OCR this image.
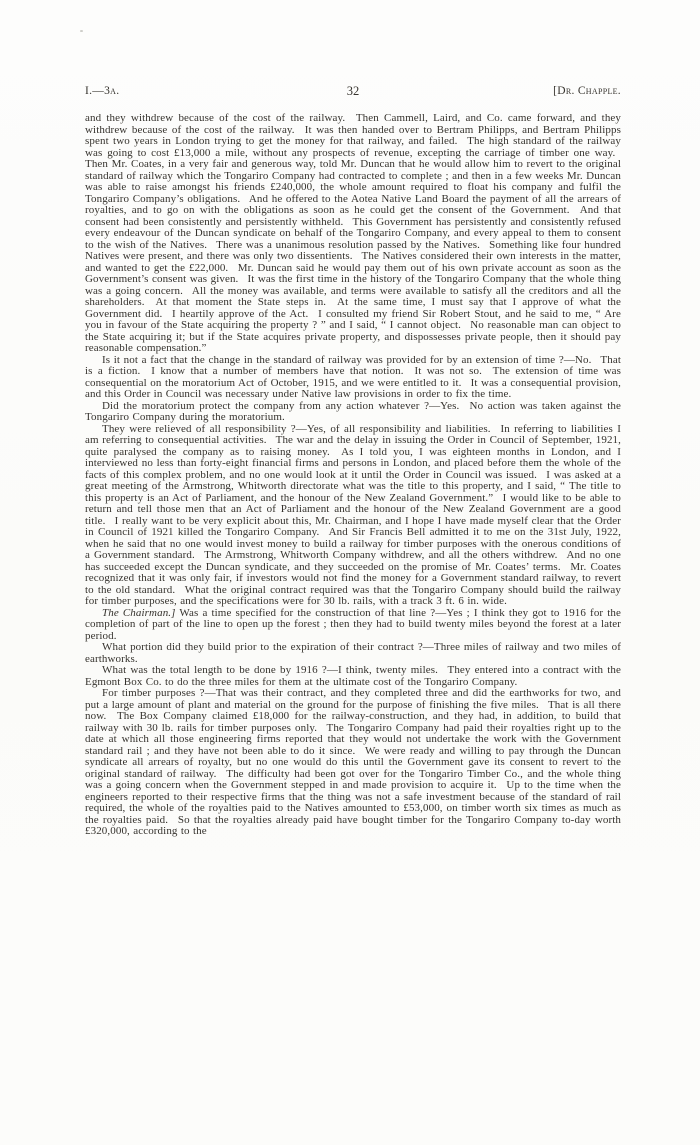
I.—3a.	32	[Dr. Chapple.

and they withdrew because of the cost of the railway.  Then Cammell, Laird, and Co. came forward, and they withdrew because of the cost of the railway.  It was then handed over to Bertram Philipps, and Bertram Philipps spent two years in London trying to get the money for that railway, and failed.  The high standard of the railway was going to cost £13,000 a mile, without any prospects of revenue, excepting the carriage of timber one way.  Then Mr. Coates, in a very fair and generous way, told Mr. Duncan that he would allow him to revert to the original standard of railway which the Tongariro Company had contracted to complete ; and then in a few weeks Mr. Duncan was able to raise amongst his friends £240,000, the whole amount required to float his company and fulfil the Tongariro Company’s obligations.  And he offered to the Aotea Native Land Board the payment of all the arrears of royalties, and to go on with the obligations as soon as he could get the consent of the Government.  And that consent had been consistently and persistently withheld.  This Government has persistently and consistently refused every endeavour of the Duncan syndicate on behalf of the Tongariro Company, and every appeal to them to consent to the wish of the Natives.  There was a unanimous resolution passed by the Natives.  Something like four hundred Natives were present, and there was only two dissentients.  The Natives considered their own interests in the matter, and wanted to get the £22,000.  Mr. Duncan said he would pay them out of his own private account as soon as the Government’s consent was given.  It was the first time in the history of the Tongariro Company that the whole thing was a going concern.  All the money was available, and terms were available to satisfy all the creditors and all the shareholders.  At that moment the State steps in.  At the same time, I must say that I approve of what the Government did.  I heartily approve of the Act.  I consulted my friend Sir Robert Stout, and he said to me, “ Are you in favour of the State acquiring the property ? ” and I said, “ I cannot object.  No reasonable man can object to the State acquiring it; but if the State acquires private property, and dispossesses private people, then it should pay reasonable compensation.”

Is it not a fact that the change in the standard of railway was provided for by an extension of time ?—No.  That is a fiction.  I know that a number of members have that notion.  It was not so.  The extension of time was consequential on the moratorium Act of October, 1915, and we were entitled to it.  It was a consequential provision, and this Order in Council was necessary under Native law provisions in order to fix the time.

Did the moratorium protect the company from any action whatever ?—Yes.  No action was taken against the Tongariro Company during the moratorium.

They were relieved of all responsibility ?—Yes, of all responsibility and liabilities.  In referring to liabilities I am referring to consequential activities.  The war and the delay in issuing the Order in Council of September, 1921, quite paralysed the company as to raising money.  As I told you, I was eighteen months in London, and I interviewed no less than forty-eight financial firms and persons in London, and placed before them the whole of the facts of this complex problem, and no one would look at it until the Order in Council was issued.  I was asked at a great meeting of the Armstrong, Whitworth directorate what was the title to this property, and I said, “ The title to this property is an Act of Parliament, and the honour of the New Zealand Government.”  I would like to be able to return and tell those men that an Act of Parliament and the honour of the New Zealand Government are a good title.  I really want to be very explicit about this, Mr. Chairman, and I hope I have made myself clear that the Order in Council of 1921 killed the Tongariro Company.  And Sir Francis Bell admitted it to me on the 31st July, 1922, when he said that no one would invest money to build a railway for timber purposes with the onerous conditions of a Government standard.  The Armstrong, Whitworth Company withdrew, and all the others withdrew.  And no one has succeeded except the Duncan syndicate, and they succeeded on the promise of Mr. Coates’ terms.  Mr. Coates recognized that it was only fair, if investors would not find the money for a Government standard railway, to revert to the old standard.  What the original contract required was that the Tongariro Company should build the railway for timber purposes, and the specifications were for 30 lb. rails, with a track 3 ft. 6 in. wide.

The Chairman.] Was a time specified for the construction of that line ?—Yes ; I think they got to 1916 for the completion of part of the line to open up the forest ; then they had to build twenty miles beyond the forest at a later period.

What portion did they build prior to the expiration of their contract ?—Three miles of railway and two miles of earthworks.

What was the total length to be done by 1916 ?—I think, twenty miles.  They entered into a contract with the Egmont Box Co. to do the three miles for them at the ultimate cost of the Tongariro Company.

For timber purposes ?—That was their contract, and they completed three and did the earthworks for two, and put a large amount of plant and material on the ground for the purpose of finishing the five miles.  That is all there now.  The Box Company claimed £18,000 for the railway-construction, and they had, in addition, to build that railway with 30 lb. rails for timber purposes only.  The Tongariro Company had paid their royalties right up to the date at which all those engineering firms reported that they would not undertake the work with the Government standard rail ; and they have not been able to do it since.  We were ready and willing to pay through the Duncan syndicate all arrears of royalty, but no one would do this until the Government gave its consent to revert to the original standard of railway.  The difficulty had been got over for the Tongariro Timber Co., and the whole thing was a going concern when the Government stepped in and made provision to acquire it.  Up to the time when the engineers reported to their respective firms that the thing was not a safe investment because of the standard of rail required, the whole of the royalties paid to the Natives amounted to £53,000, on timber worth six times as much as the royalties paid.  So that the royalties already paid have bought timber for the Tongariro Company to-day worth £320,000, according to the
